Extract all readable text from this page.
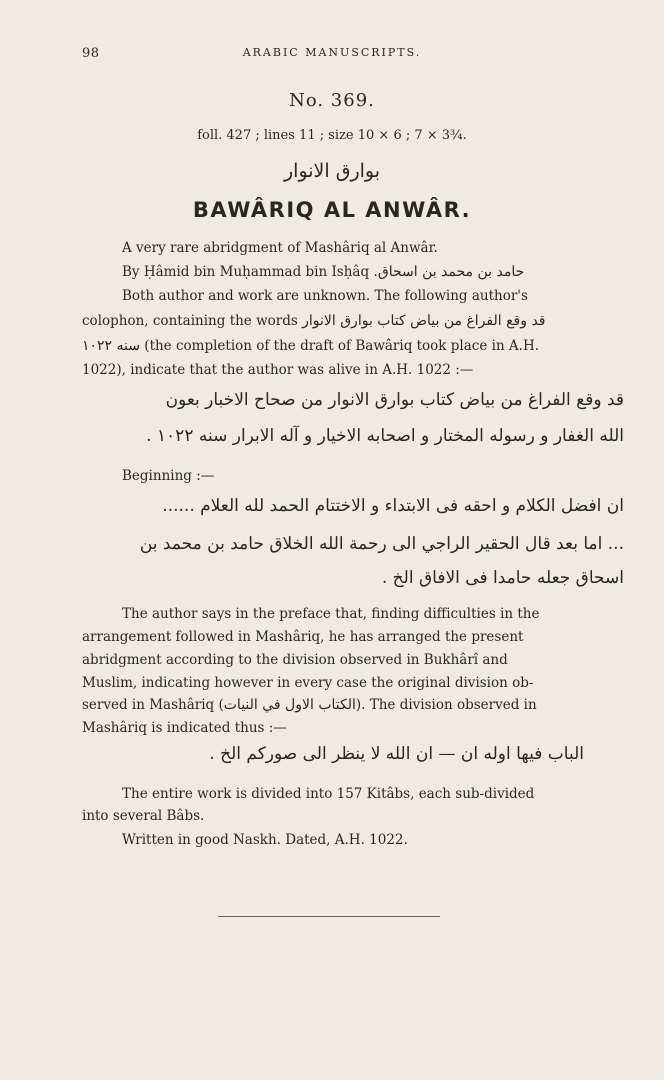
98	ARABIC MANUSCRIPTS.
No. 369.
foll. 427 ; lines 11 ; size 10 × 6 ; 7 × 3¾.
بوارق الانوار
BAWÂRIQ AL ANWÂR.
A very rare abridgment of Mashâriq al Anwâr.
By Ḥâmid bin Muḥammad bin Isḥâq حامد بن محمد بن اسحاق.
Both author and work are unknown. The following author's
colophon, containing the words قد وقع الفراغ من بياض كتاب بوارق الانوار
سنه ١٠٢٢ (the completion of the draft of Bawâriq took place in A.H.
1022), indicate that the author was alive in A.H. 1022 :—
قد وقع الفراغ من بياض كتاب بوارق الانوار من صحاح الاخبار بعون
الله الغفار و رسوله المختار و اصحابه الاخيار و آله الابرار سنه ١٠٢٢ .
Beginning :—
ان افضل الكلام و احقه فى الابتداء و الاختتام الحمد لله العلام ......
... اما بعد قال الحقير الراجي الى رحمة الله الخلاق حامد بن محمد بن
اسحاق جعله حامدا فى الافاق الخ .
The author says in the preface that, finding difficulties in the
arrangement followed in Mashâriq, he has arranged the present
abridgment according to the division observed in Bukhârî and
Muslim, indicating however in every case the original division ob-
served in Mashâriq (الكتاب الاول في النيات). The division observed in
Mashâriq is indicated thus :—
الباب فيها اوله ان — ان الله لا ينظر الى صوركم الخ .
The entire work is divided into 157 Kitâbs, each sub-divided
into several Bâbs.
Written in good Naskh. Dated, A.H. 1022.
